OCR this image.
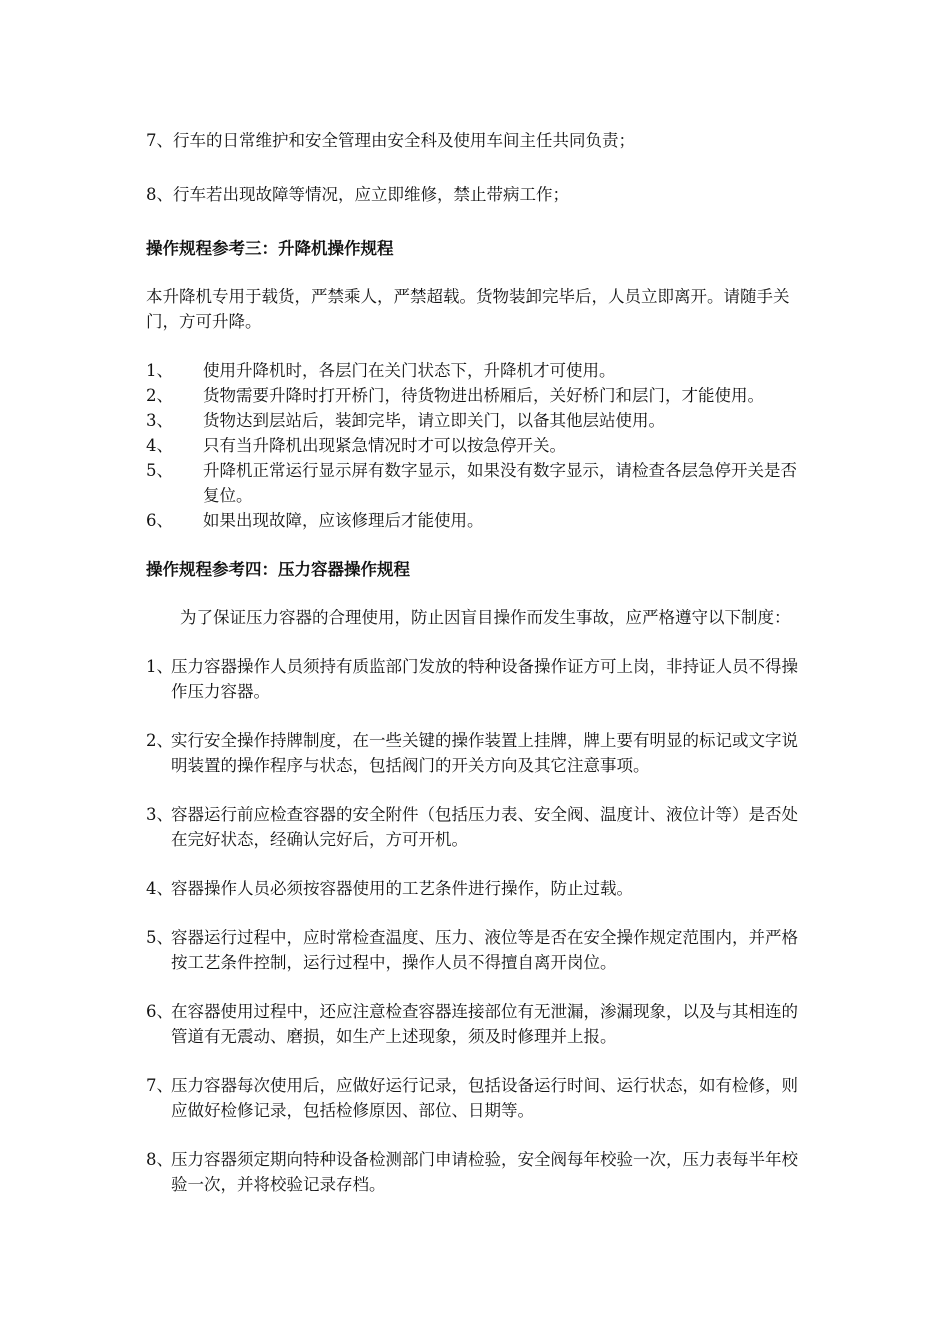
7、行车的日常维护和安全管理由安全科及使用车间主任共同负责；

8、行车若出现故障等情况，应立即维修，禁止带病工作；

操作规程参考三：升降机操作规程

本升降机专用于载货，严禁乘人，严禁超载。货物装卸完毕后，人员立即离开。请随手关门，方可升降。

1、	使用升降机时，各层门在关门状态下，升降机才可使用。
2、	货物需要升降时打开桥门，待货物进出桥厢后，关好桥门和层门，才能使用。
3、	货物达到层站后，装卸完毕，请立即关门，以备其他层站使用。
4、	只有当升降机出现紧急情况时才可以按急停开关。
5、	升降机正常运行显示屏有数字显示，如果没有数字显示，请检查各层急停开关是否复位。
6、	如果出现故障，应该修理后才能使用。

操作规程参考四：压力容器操作规程

为了保证压力容器的合理使用，防止因盲目操作而发生事故，应严格遵守以下制度：

1、
压力容器操作人员须持有质监部门发放的特种设备操作证方可上岗，非持证人员不得操作压力容器。
2、
实行安全操作持牌制度，在一些关键的操作装置上挂牌，牌上要有明显的标记或文字说明装置的操作程序与状态，包括阀门的开关方向及其它注意事项。
3、
容器运行前应检查容器的安全附件（包括压力表、安全阀、温度计、液位计等）是否处在完好状态，经确认完好后，方可开机。
4、
容器操作人员必须按容器使用的工艺条件进行操作，防止过载。
5、
容器运行过程中，应时常检查温度、压力、液位等是否在安全操作规定范围内，并严格按工艺条件控制，运行过程中，操作人员不得擅自离开岗位。
6、
在容器使用过程中，还应注意检查容器连接部位有无泄漏，渗漏现象，以及与其相连的管道有无震动、磨损，如生产上述现象，须及时修理并上报。
7、
压力容器每次使用后，应做好运行记录，包括设备运行时间、运行状态，如有检修，则应做好检修记录，包括检修原因、部位、日期等。
8、
压力容器须定期向特种设备检测部门申请检验，安全阀每年校验一次，压力表每半年校验一次，并将校验记录存档。
